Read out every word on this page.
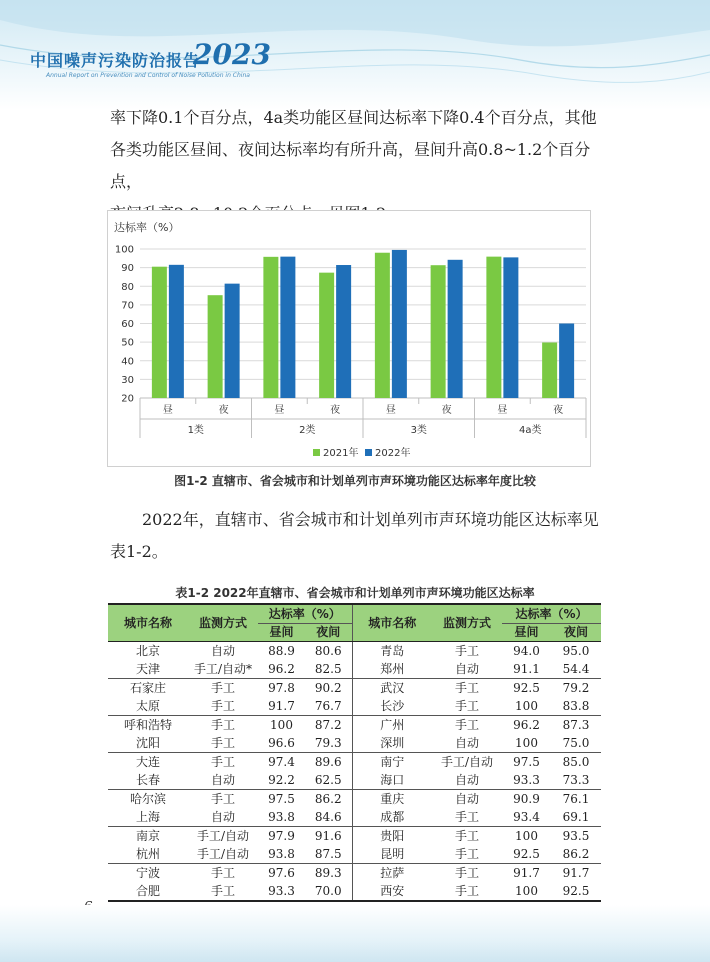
中国噪声污染防治报告
2023
Annual Report on Prevention and Control of Noise Pollution in China
率下降0.1个百分点，4a类功能区昼间达标率下降0.4个百分点，其他
各类功能区昼间、夜间达标率均有所升高，昼间升高0.8~1.2个百分点，
达标率（%）
20
30
40
50
60
70
80
90
100
昼	夜	昼	夜	昼	夜	昼	夜
1类	2类	3类	4a类
2021年 2022年
图1-2 直辖市、省会城市和计划单列市声环境功能区达标率年度比较
2022年，直辖市、省会城市和计划单列市声环境功能区达标率见
表1-2。
表1-2 2022年直辖市、省会城市和计划单列市声环境功能区达标率
城市名称	监测方式	达标率（%）		城市名称	监测方式	达标率（%）	
		昼间	夜间			昼间	夜间
北京	自动	88.9	80.6	青岛	手工	94.0	95.0
天津	手工/自动*	96.2	82.5	郑州	自动	91.1	54.4
石家庄	手工	97.8	90.2	武汉	手工	92.5	79.2
太原	手工	91.7	76.7	长沙	手工	100	83.8
呼和浩特	手工	100	87.2	广州	手工	96.2	87.3
沈阳	手工	96.6	79.3	深圳	自动	100	75.0
大连	手工	97.4	89.6	南宁	手工/自动	97.5	85.0
长春	自动	92.2	62.5	海口	自动	93.3	73.3
哈尔滨	手工	97.5	86.2	重庆	自动	90.9	76.1
上海	自动	93.8	84.6	成都	手工	93.4	69.1
南京	手工/自动	97.9	91.6	贵阳	手工	100	93.5
杭州	手工/自动	93.8	87.5	昆明	手工	92.5	86.2
宁波	手工	97.6	89.3	拉萨	手工	91.7	91.7
合肥	手工	93.3	70.0	西安	手工	100	92.5
